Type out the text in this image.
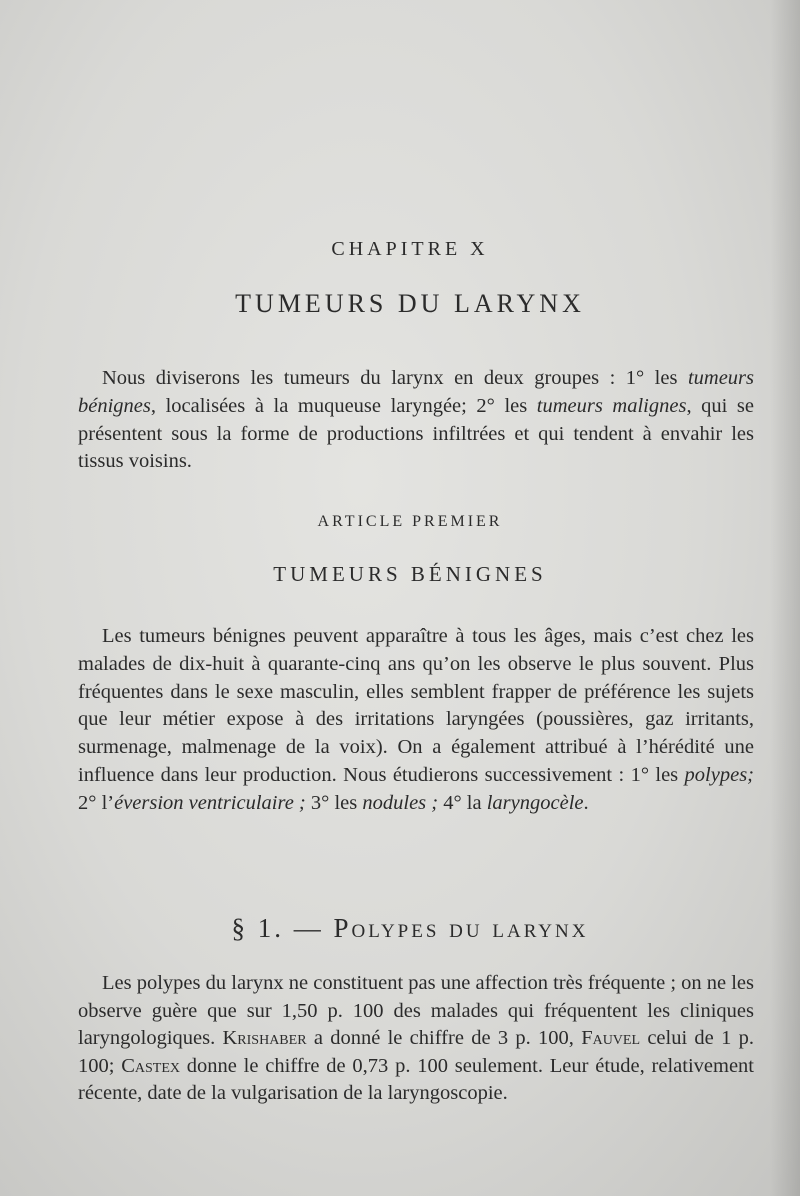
CHAPITRE X
TUMEURS DU LARYNX

Nous diviserons les tumeurs du larynx en deux groupes : 1° les tumeurs bénignes, localisées à la muqueuse laryngée; 2° les tumeurs malignes, qui se présentent sous la forme de productions infiltrées et qui tendent à envahir les tissus voisins.

ARTICLE PREMIER
TUMEURS BÉNIGNES

Les tumeurs bénignes peuvent apparaître à tous les âges, mais c’est chez les malades de dix-huit à quarante-cinq ans qu’on les observe le plus souvent. Plus fréquentes dans le sexe masculin, elles semblent frapper de préférence les sujets que leur métier expose à des irritations laryngées (poussières, gaz irritants, surmenage, malmenage de la voix). On a également attribué à l’hérédité une influence dans leur production. Nous étudierons successivement : 1° les polypes; 2° l’éversion ventriculaire ; 3° les nodules ; 4° la laryngocèle.

§ 1. — Polypes du larynx

Les polypes du larynx ne constituent pas une affection très fréquente ; on ne les observe guère que sur 1,50 p. 100 des malades qui fréquentent les cliniques laryngologiques. Krishaber a donné le chiffre de 3 p. 100, Fauvel celui de 1 p. 100; Castex donne le chiffre de 0,73 p. 100 seulement. Leur étude, relativement récente, date de la vulgarisation de la laryngoscopie.
